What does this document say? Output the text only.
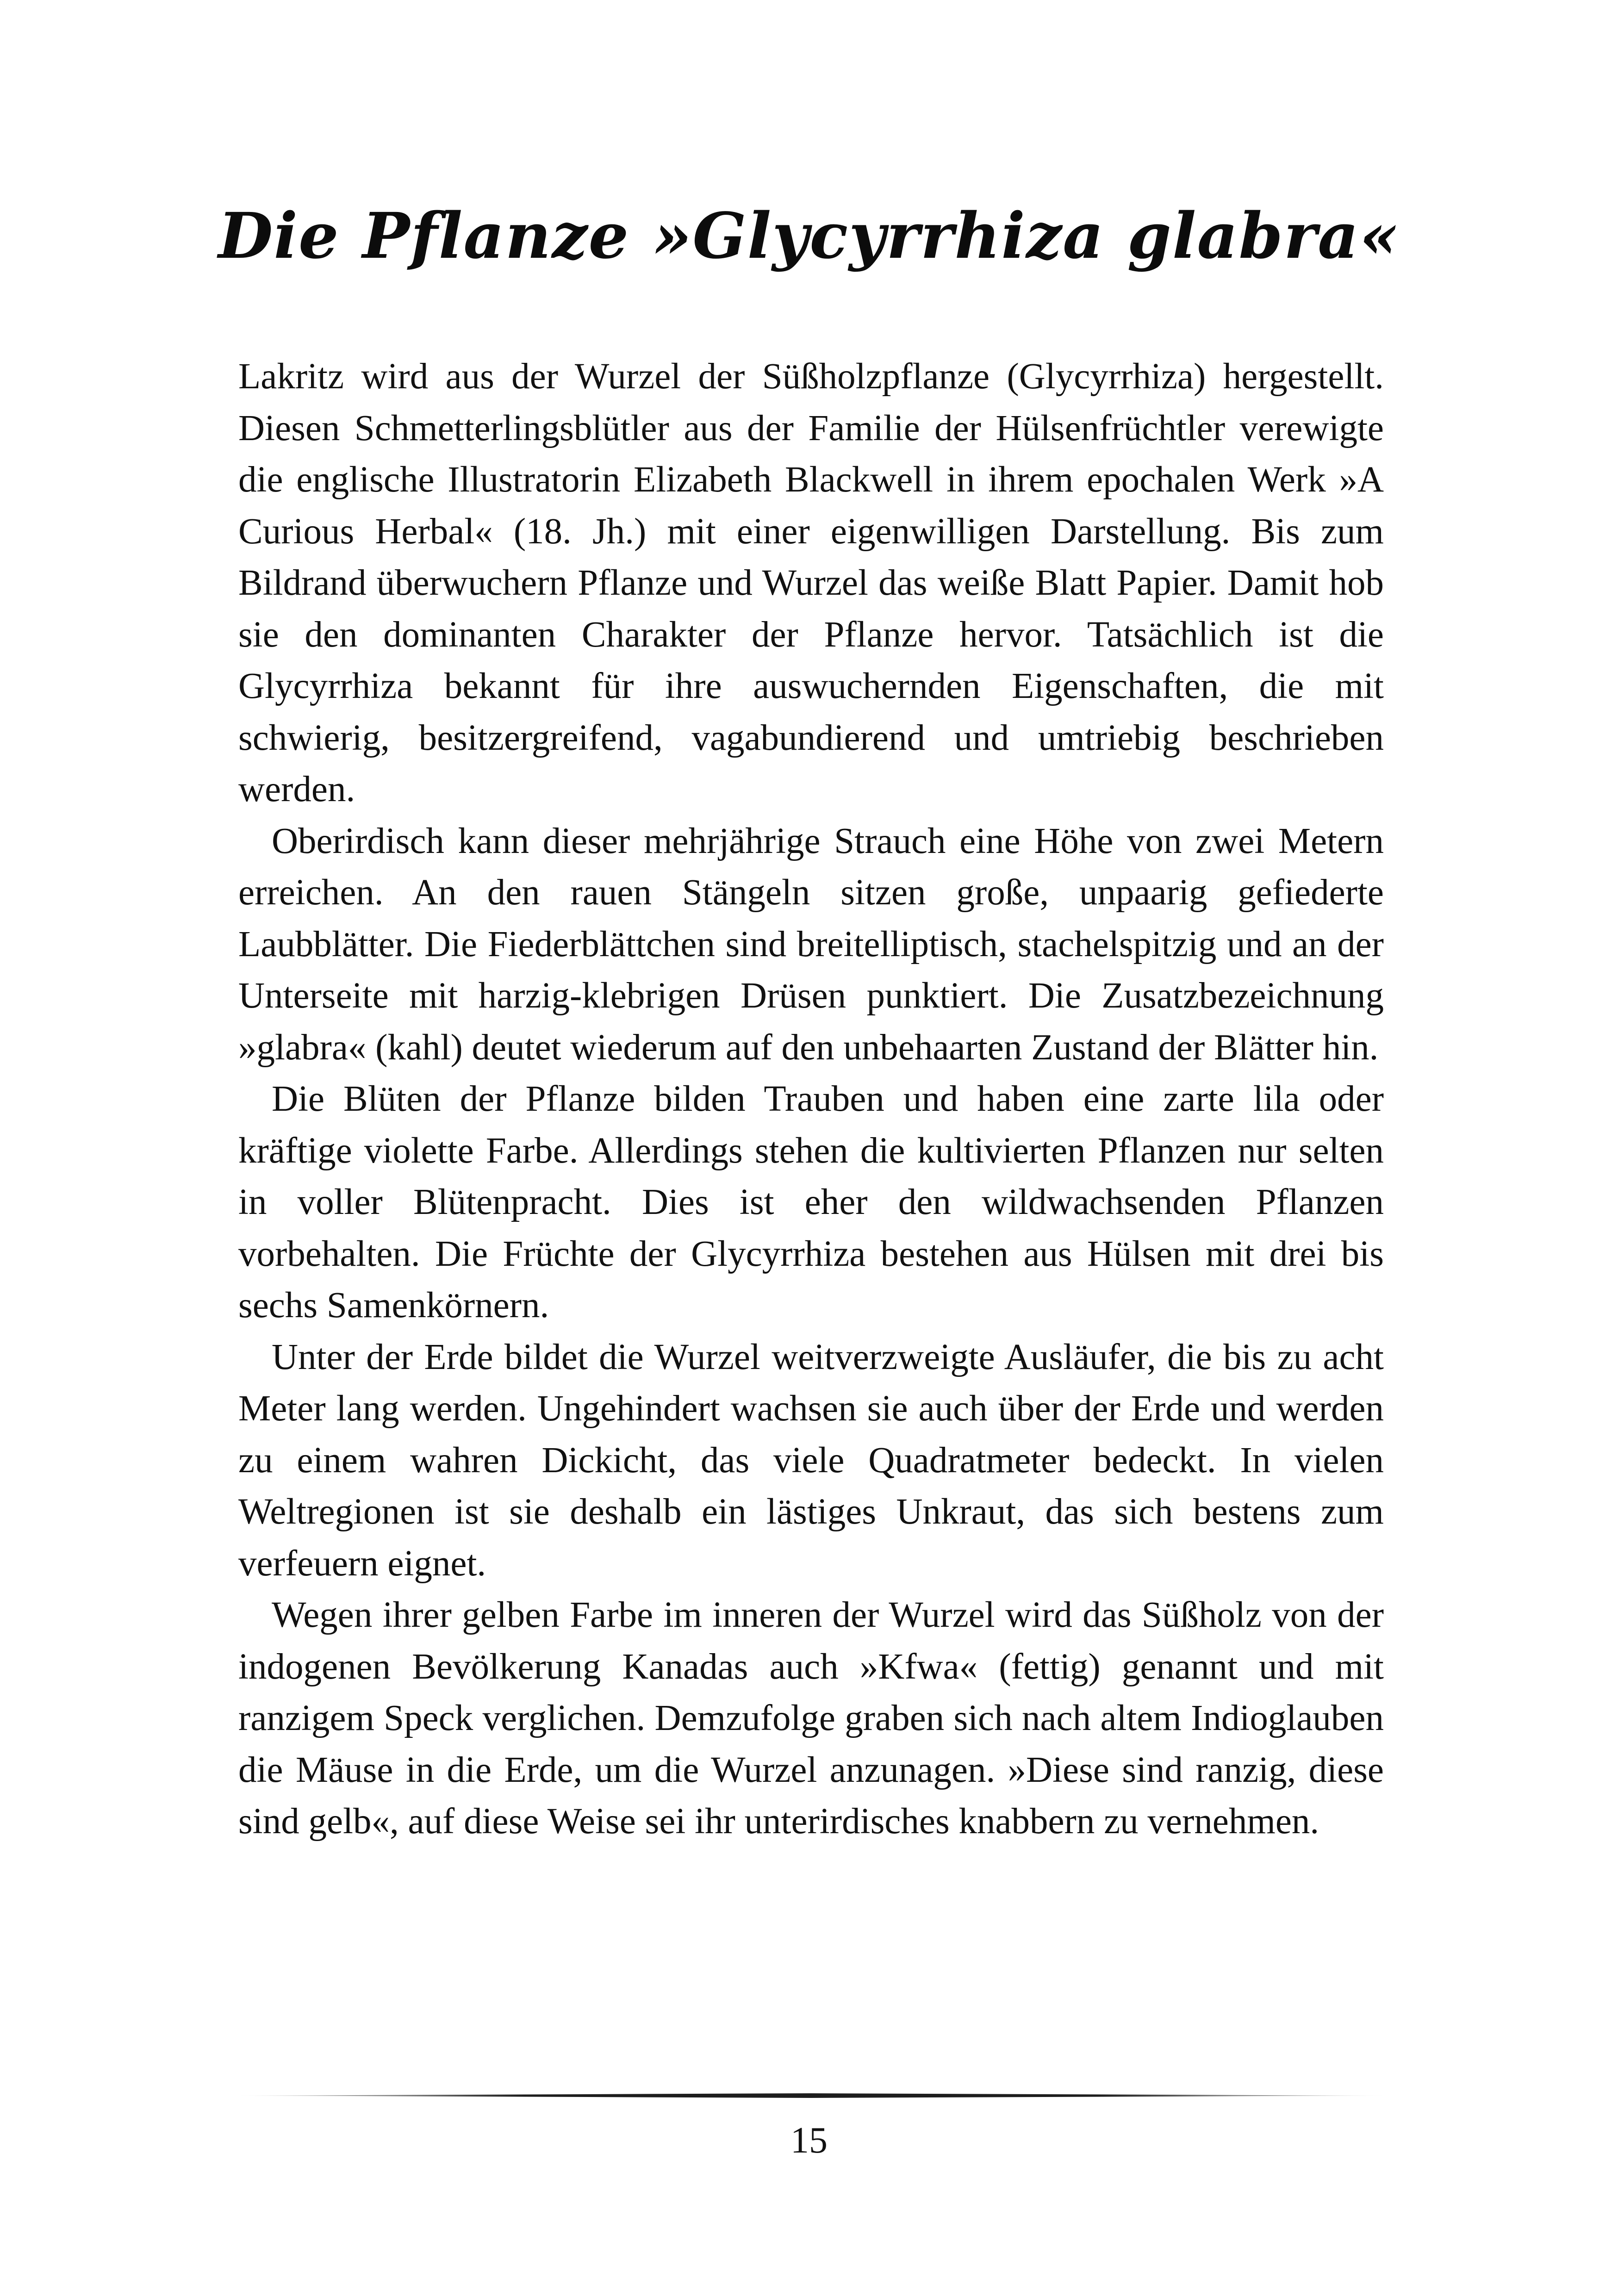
Die Pflanze »Glycyrrhiza glabra«

Lakritz wird aus der Wurzel der Süßholzpflanze (Glycyrrhiza) hergestellt. Diesen Schmetterlingsblütler aus der Familie der Hülsenfrüchtler verewigte die englische Illustratorin Elizabeth Blackwell in ihrem epochalen Werk »A Curious Herbal« (18. Jh.) mit einer eigenwilligen Darstellung. Bis zum Bildrand überwuchern Pflanze und Wurzel das weiße Blatt Papier. Damit hob sie den dominanten Charakter der Pflanze hervor. Tatsächlich ist die Glycyrrhiza bekannt für ihre auswuchernden Eigenschaften, die mit schwierig, besitzergreifend, vagabundierend und umtriebig beschrieben werden.

Oberirdisch kann dieser mehrjährige Strauch eine Höhe von zwei Metern erreichen. An den rauen Stängeln sitzen große, unpaarig gefiederte Laubblätter. Die Fiederblättchen sind breitelliptisch, stachelspitzig und an der Unterseite mit harzig-klebrigen Drüsen punktiert. Die Zusatzbezeichnung »glabra« (kahl) deutet wiederum auf den unbehaarten Zustand der Blätter hin.

Die Blüten der Pflanze bilden Trauben und haben eine zarte lila oder kräftige violette Farbe. Allerdings stehen die kultivierten Pflanzen nur selten in voller Blütenpracht. Dies ist eher den wildwachsenden Pflanzen vorbehalten. Die Früchte der Glycyrrhiza bestehen aus Hülsen mit drei bis sechs Samenkörnern.

Unter der Erde bildet die Wurzel weitverzweigte Ausläufer, die bis zu acht Meter lang werden. Ungehindert wachsen sie auch über der Erde und werden zu einem wahren Dickicht, das viele Quadratmeter bedeckt. In vielen Weltregionen ist sie deshalb ein lästiges Unkraut, das sich bestens zum verfeuern eignet.

Wegen ihrer gelben Farbe im inneren der Wurzel wird das Süßholz von der indogenen Bevölkerung Kanadas auch »Kfwa« (fettig) genannt und mit ranzigem Speck verglichen. Demzufolge graben sich nach altem Indioglauben die Mäuse in die Erde, um die Wurzel anzunagen. »Diese sind ranzig, diese sind gelb«, auf diese Weise sei ihr unterirdisches knabbern zu vernehmen.

15
